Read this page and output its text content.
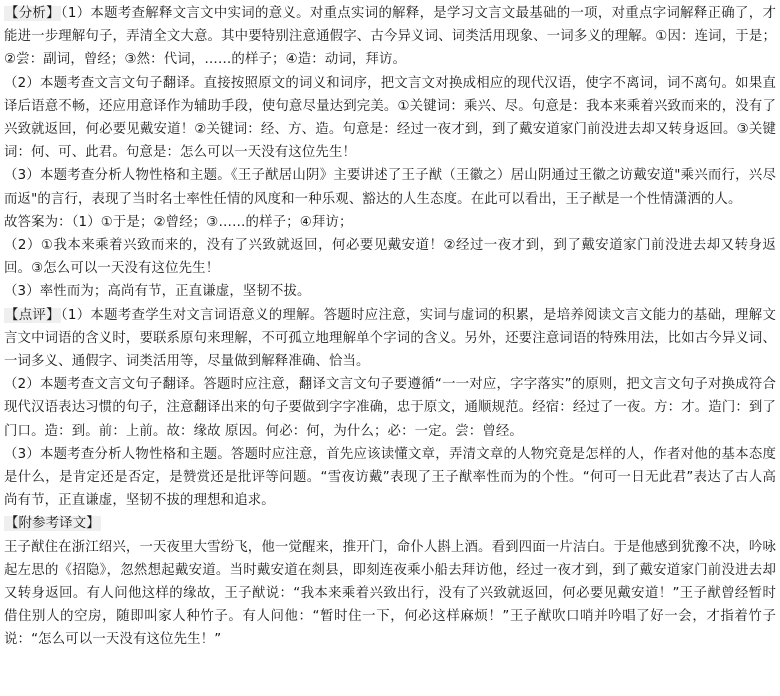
【分析】（1）本题考查解释文言文中实词的意义。对重点实词的解释，是学习文言文最基础的一项，对重点字词解释正确了，才能进一步理解句子，弄清全文大意。其中要特别注意通假字、古今异义词、词类活用现象、一词多义的理解。①因：连词，于是；②尝：副词，曾经；③然：代词，……的样子；④造：动词，拜访。

（2）本题考查文言文句子翻译。直接按照原文的词义和词序，把文言文对换成相应的现代汉语，使字不离词，词不离句。如果直译后语意不畅，还应用意译作为辅助手段，使句意尽量达到完美。①关键词：乘兴、尽。句意是：我本来乘着兴致而来的，没有了兴致就返回，何必要见戴安道！②关键词：经、方、造。句意是：经过一夜才到，到了戴安道家门前没进去却又转身返回。③关键词：何、可、此君。句意是：怎么可以一天没有这位先生！

（3）本题考查分析人物性格和主题。《王子猷居山阴》主要讲述了王子猷（王徽之）居山阴通过王徽之访戴安道"乘兴而行，兴尽而返"的言行，表现了当时名士率性任情的风度和一种乐观、豁达的人生态度。在此可以看出，王子猷是一个性情潇洒的人。

故答案为：（1）①于是；②曾经；③……的样子；④拜访；

（2）①我本来乘着兴致而来的，没有了兴致就返回，何必要见戴安道！②经过一夜才到，到了戴安道家门前没进去却又转身返回。③怎么可以一天没有这位先生！

（3）率性而为；高尚有节，正直谦虚，坚韧不拔。

【点评】（1）本题考查学生对文言词语意义的理解。答题时应注意，实词与虚词的积累，是培养阅读文言文能力的基础，理解文言文中词语的含义时，要联系原句来理解，不可孤立地理解单个字词的含义。另外，还要注意词语的特殊用法，比如古今异义词、一词多义、通假字、词类活用等，尽量做到解释准确、恰当。

（2）本题考查文言文句子翻译。答题时应注意，翻译文言文句子要遵循“一一对应，字字落实”的原则，把文言文句子对换成符合现代汉语表达习惯的句子，注意翻译出来的句子要做到字字准确，忠于原文，通顺规范。经宿：经过了一夜。方：才。造门：到了门口。造：到。前：上前。故：缘故 原因。何必：何，为什么；必：一定。尝：曾经。

（3）本题考查分析人物性格和主题。答题时应注意，首先应该读懂文章，弄清文章的人物究竟是怎样的人，作者对他的基本态度是什么，是肯定还是否定，是赞赏还是批评等问题。“雪夜访戴”表现了王子猷率性而为的个性。“何可一日无此君”表达了古人高尚有节，正直谦虚，坚韧不拔的理想和追求。

【附参考译文】

王子猷住在浙江绍兴，一天夜里大雪纷飞，他一觉醒来，推开门，命仆人斟上酒。看到四面一片洁白。于是他感到犹豫不决，吟咏起左思的《招隐》，忽然想起戴安道。当时戴安道在剡县，即刻连夜乘小船去拜访他，经过一夜才到，到了戴安道家门前没进去却又转身返回。有人问他这样的缘故，王子猷说：“我本来乘着兴致出行，没有了兴致就返回，何必要见戴安道！”王子猷曾经暂时借住别人的空房，随即叫家人种竹子。有人问他：“暂时住一下，何必这样麻烦！”王子猷吹口哨并吟唱了好一会，才指着竹子说：“怎么可以一天没有这位先生！”
